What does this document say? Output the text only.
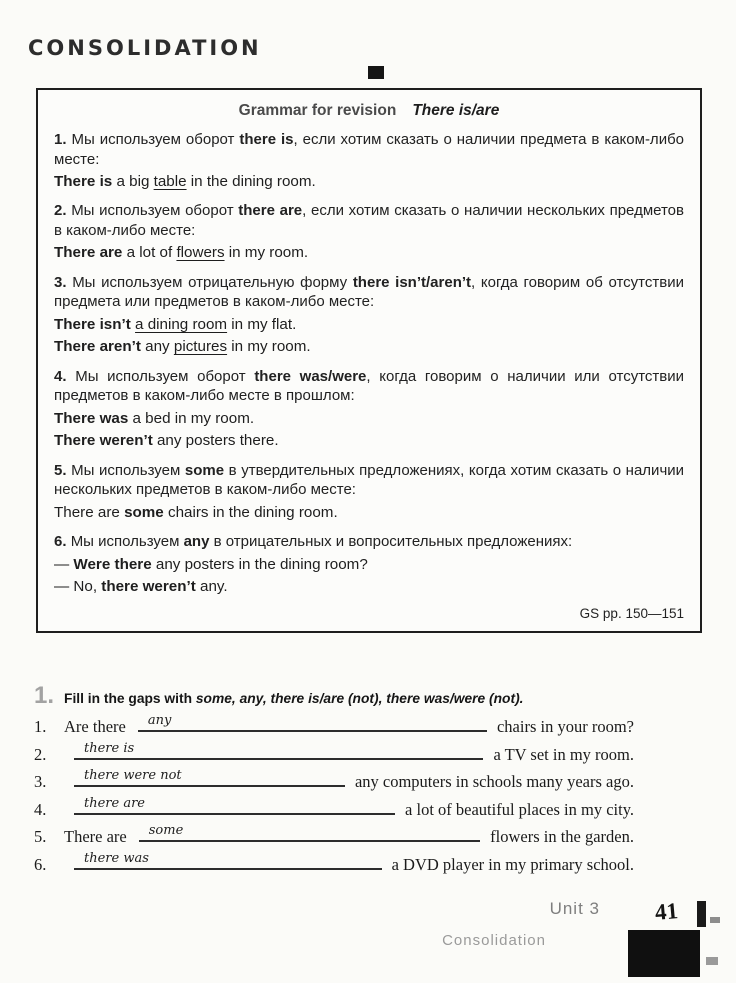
CONSOLIDATION
Grammar for revision There is/are

1. Мы используем оборот there is, если хотим сказать о наличии предмета в каком-либо месте:

There is a big table in the dining room.

2. Мы используем оборот there are, если хотим сказать о наличии нескольких предметов в каком-либо месте:

There are a lot of flowers in my room.

3. Мы используем отрицательную форму there isn’t/aren’t, когда говорим об отсутствии предмета или предметов в каком-либо месте:

There isn’t a dining room in my flat.

There aren’t any pictures in my room.

4. Мы используем оборот there was/were, когда говорим о наличии или отсутствии предметов в каком-либо месте в прошлом:

There was a bed in my room.

There weren’t any posters there.

5. Мы используем some в утвердительных предложениях, когда хотим сказать о наличии нескольких предметов в каком-либо месте:

There are some chairs in the dining room.

6. Мы используем any в отрицательных и вопросительных предложениях:

— Were there any posters in the dining room?

— No, there weren’t any.

GS pp. 150—151

1. Fill in the gaps with some, any, there is/are (not), there was/were (not).
1.	Are there any	chairs in your room?
2.	there is	a TV set in my room.
3.	there were not	any computers in schools many years ago.
4.	there are	a lot of beautiful places in my city.
5.	There are some	flowers in the garden.
6.	there was	a DVD player in my primary school.
Unit 3
Consolidation
41
